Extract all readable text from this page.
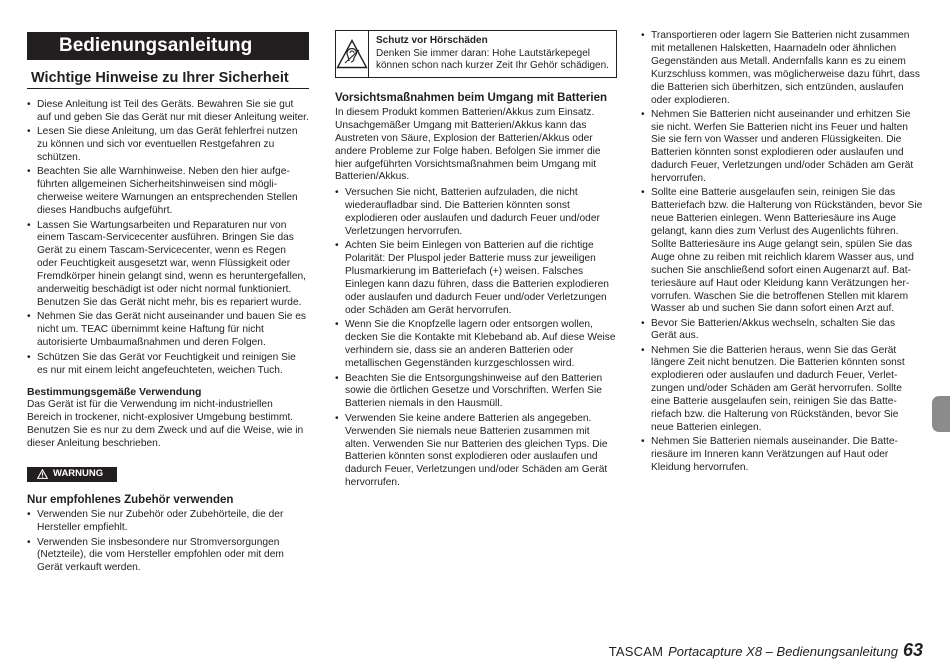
Bedienungsanleitung
Wichtige Hinweise zu Ihrer Sicherheit
• Diese Anleitung ist Teil des Geräts. Bewahren Sie sie gut auf und geben Sie das Gerät nur mit dieser Anleitung weiter.
• Lesen Sie diese Anleitung, um das Gerät fehlerfrei nutzen zu können und sich vor eventuellen Restgefahren zu schützen.
• Beachten Sie alle Warnhinweise. Neben den hier aufgeführten allgemeinen Sicherheitshinweisen sind möglicherweise weitere Warnungen an entsprechenden Stellen dieses Handbuchs aufgeführt.
• Lassen Sie Wartungsarbeiten und Reparaturen nur von einem Tascam-Servicecenter ausführen. Bringen Sie das Gerät zu einem Tascam-Servicecenter, wenn es Regen oder Feuchtigkeit ausgesetzt war, wenn Flüssigkeit oder Fremdkörper hinein gelangt sind, wenn es heruntergefallen, anderweitig beschädigt ist oder nicht normal funktioniert. Benutzen Sie das Gerät nicht mehr, bis es repariert wurde.
• Nehmen Sie das Gerät nicht auseinander und bauen Sie es nicht um. TEAC übernimmt keine Haftung für nicht autorisierte Umbaumaßnahmen und deren Folgen.
• Schützen Sie das Gerät vor Feuchtigkeit und reinigen Sie es nur mit einem leicht angefeuchteten, weichen Tuch.
Bestimmungsgemäße Verwendung

Das Gerät ist für die Verwendung im nicht-industriellen Bereich in trockener, nicht-explosiver Umgebung bestimmt. Benutzen Sie es nur zu dem Zweck und auf die Weise, wie in dieser Anleitung beschrieben.

WARNUNG
Nur empfohlenes Zubehör verwenden
• Verwenden Sie nur Zubehör oder Zubehörteile, die der Hersteller empfiehlt.
• Verwenden Sie insbesondere nur Stromversorgungen (Netzteile), die vom Hersteller empfohlen oder mit dem Gerät verkauft werden.
Schutz vor Hörschäden
Denken Sie immer daran: Hohe Lautstärkepegel können schon nach kurzer Zeit Ihr Gehör schädigen.
Vorsichtsmaßnahmen beim Umgang mit Batterien

In diesem Produkt kommen Batterien/Akkus zum Einsatz. Unsachgemäßer Umgang mit Batterien/Akkus kann das Austreten von Säure, Explosion der Batterien/Akkus oder andere Probleme zur Folge haben. Befolgen Sie immer die hier aufgeführten Vorsichtsmaßnahmen beim Umgang mit Batterien/Akkus.

• Versuchen Sie nicht, Batterien aufzuladen, die nicht wiederaufladbar sind. Die Batterien könnten sonst explodieren oder auslaufen und dadurch Feuer und/oder Verletzungen hervorrufen.
• Achten Sie beim Einlegen von Batterien auf die richtige Polarität: Der Pluspol jeder Batterie muss zur jeweiligen Plusmarkierung im Batteriefach (+) weisen. Falsches Einlegen kann dazu führen, dass die Batterien explodieren oder auslaufen und dadurch Feuer und/oder Verletzungen oder Schäden am Gerät hervorrufen.
• Wenn Sie die Knopfzelle lagern oder entsorgen wollen, decken Sie die Kontakte mit Klebeband ab. Auf diese Weise verhindern sie, dass sie an anderen Batterien oder metallischen Gegenständen kurzgeschlossen wird.
• Beachten Sie die Entsorgungshinweise auf den Batterien sowie die örtlichen Gesetze und Vorschriften. Werfen Sie Batterien niemals in den Hausmüll.
• Verwenden Sie keine andere Batterien als angegeben. Verwenden Sie niemals neue Batterien zusammen mit alten. Verwenden Sie nur Batterien des gleichen Typs. Die Batterien könnten sonst explodieren oder auslaufen und dadurch Feuer, Verletzungen und/oder Schäden am Gerät hervorrufen.
• Transportieren oder lagern Sie Batterien nicht zusammen mit metallenen Halsketten, Haarnadeln oder ähnlichen Gegenständen aus Metall. Andernfalls kann es zu einem Kurzschluss kommen, was möglicherweise dazu führt, dass die Batterien sich überhitzen, sich entzünden, auslaufen oder explodieren.
• Nehmen Sie Batterien nicht auseinander und erhitzen Sie sie nicht. Werfen Sie Batterien nicht ins Feuer und halten Sie sie fern von Wasser und anderen Flüssigkeiten. Die Batterien könnten sonst explodieren oder auslaufen und dadurch Feuer, Verletzungen und/oder Schäden am Gerät hervorrufen.
• Sollte eine Batterie ausgelaufen sein, reinigen Sie das Batteriefach bzw. die Halterung von Rückständen, bevor Sie neue Batterien einlegen. Wenn Batteriesäure ins Auge gelangt, kann dies zum Verlust des Augenlichts führen. Sollte Batteriesäure ins Auge gelangt sein, spülen Sie das Auge ohne zu reiben mit reichlich klarem Wasser aus, und suchen Sie anschließend sofort einen Augenarzt auf. Batteriesäure auf Haut oder Kleidung kann Verätzungen hervorrufen. Waschen Sie die betroffenen Stellen mit klarem Wasser ab und suchen Sie dann sofort einen Arzt auf.
• Bevor Sie Batterien/Akkus wechseln, schalten Sie das Gerät aus.
• Nehmen Sie die Batterien heraus, wenn Sie das Gerät längere Zeit nicht benutzen. Die Batterien könnten sonst explodieren oder auslaufen und dadurch Feuer, Verletzungen und/oder Schäden am Gerät hervorrufen. Sollte eine Batterie ausgelaufen sein, reinigen Sie das Batteriefach bzw. die Halterung von Rückständen, bevor Sie neue Batterien einlegen.
• Nehmen Sie Batterien niemals auseinander. Die Batteriesäure im Inneren kann Verätzungen auf Haut oder Kleidung hervorrufen.
TASCAM Portacapture X8 – Bedienungsanleitung 63
